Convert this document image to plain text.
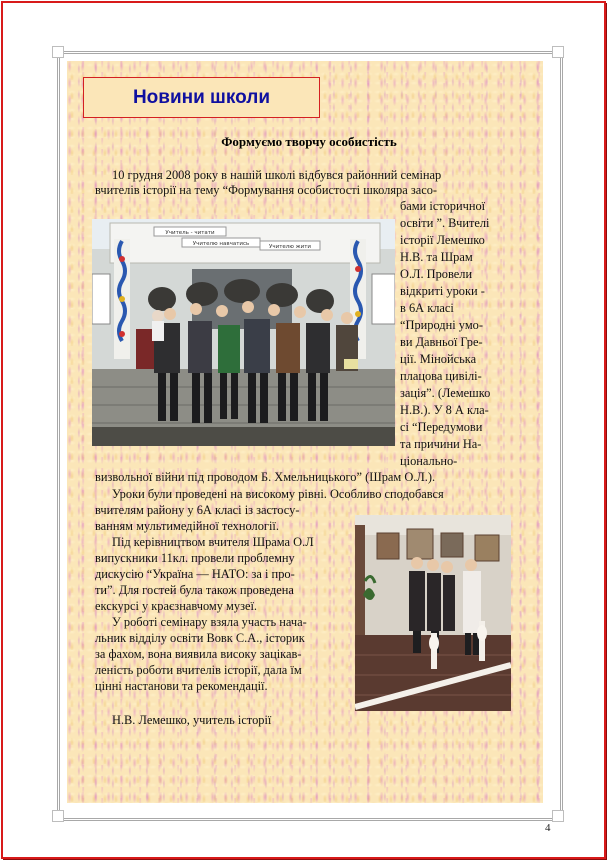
Новини школи
Формуємо творчу особистість

10 грудня 2008 року в нашій школі відбувся районний семінар

вчителів історії на тему “Формування особистості школяра засо-

бами історичної

освіти ”. Вчителі

історії Лемешко

Н.В. та Шрам

О.Л. Провели

відкриті уроки -

в 6А класі

“Природні умо-

ви Давньої Гре-

ції. Мінойська

плацова цивілі-

зація”. (Лемешко

Н.В.). У 8 А кла-

сі “Передумови

та причини На-

ціонально-

визвольної війни під проводом Б. Хмельницького” (Шрам О.Л.).

Уроки були проведені на високому рівні. Особливо сподобався

вчителям району у 6А класі із застосу-

ванням мультимедійної технології.

Під керівництвом вчителя Шрама О.Л

випускники 11кл. провели проблемну

дискусію “Україна — НАТО: за і про-

ти”. Для гостей була також проведена

екскурсі у краєзнавчому музеї.

У роботі семінару взяла участь нача-

льник відділу освіти Вовк С.А., історик

за фахом, вона виявила високу зацікав-

леність роботи вчителів історії, дала їм

цінні настанови та рекомендації.

Н.В. Лемешко, учитель історії

Учитель - читати
Учителю навчатись	Учителю жити
4
